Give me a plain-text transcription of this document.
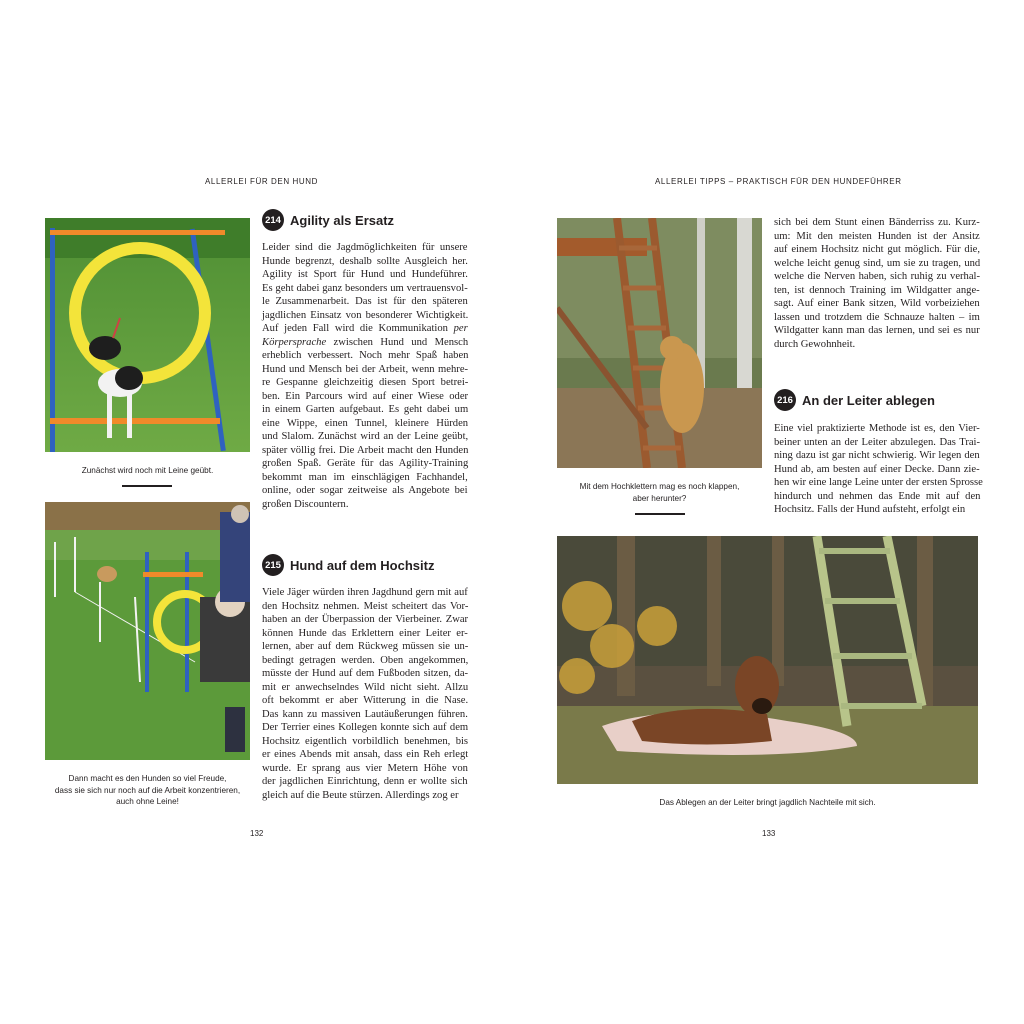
ALLERLEI FÜR DEN HUND
Zunächst wird noch mit Leine geübt.
Dann macht es den Hunden so viel Freude,
dass sie sich nur noch auf die Arbeit konzentrieren,
auch ohne Leine!
214 Agility als Ersatz
Leider sind die Jagdmöglichkeiten für unsere
Hunde begrenzt, deshalb sollte Ausgleich her.
Agility ist Sport für Hund und Hundeführer.
Es geht dabei ganz besonders um vertrauensvol-
le Zusammenarbeit. Das ist für den späteren
jagdlichen Einsatz von besonderer Wichtigkeit.
Auf jeden Fall wird die Kommunikation per
Körpersprache zwischen Hund und Mensch
erheblich verbessert. Noch mehr Spaß haben
Hund und Mensch bei der Arbeit, wenn mehre-
re Gespanne gleichzeitig diesen Sport betrei-
ben. Ein Parcours wird auf einer Wiese oder
in einem Garten aufgebaut. Es geht dabei um
eine Wippe, einen Tunnel, kleinere Hürden
und Slalom. Zunächst wird an der Leine geübt,
später völlig frei. Die Arbeit macht den Hunden
großen Spaß. Geräte für das Agility-Training
bekommt man im einschlägigen Fachhandel,
online, oder sogar zeitweise als Angebote bei
großen Discountern.
215 Hund auf dem Hochsitz
Viele Jäger würden ihren Jagdhund gern mit auf
den Hochsitz nehmen. Meist scheitert das Vor-
haben an der Überpassion der Vierbeiner. Zwar
können Hunde das Erklettern einer Leiter er-
lernen, aber auf dem Rückweg müssen sie un-
bedingt getragen werden. Oben angekommen,
müsste der Hund auf dem Fußboden sitzen, da-
mit er anwechselndes Wild nicht sieht. Allzu
oft bekommt er aber Witterung in die Nase.
Das kann zu massiven Lautäußerungen führen.
Der Terrier eines Kollegen konnte sich auf dem
Hochsitz eigentlich vorbildlich benehmen, bis
er eines Abends mit ansah, dass ein Reh erlegt
wurde. Er sprang aus vier Metern Höhe von
der jagdlichen Einrichtung, denn er wollte sich
gleich auf die Beute stürzen. Allerdings zog er
132
ALLERLEI TIPPS – PRAKTISCH FÜR DEN HUNDEFÜHRER
Mit dem Hochklettern mag es noch klappen,
aber herunter?
sich bei dem Stunt einen Bänderriss zu. Kurz-
um: Mit den meisten Hunden ist der Ansitz
auf einem Hochsitz nicht gut möglich. Für die,
welche leicht genug sind, um sie zu tragen, und
welche die Nerven haben, sich ruhig zu verhal-
ten, ist dennoch Training im Wildgatter ange-
sagt. Auf einer Bank sitzen, Wild vorbeiziehen
lassen und trotzdem die Schnauze halten – im
Wildgatter kann man das lernen, und sei es nur
durch Gewohnheit.
216 An der Leiter ablegen
Eine viel praktizierte Methode ist es, den Vier-
beiner unten an der Leiter abzulegen. Das Trai-
ning dazu ist gar nicht schwierig. Wir legen den
Hund ab, am besten auf einer Decke. Dann zie-
hen wir eine lange Leine unter der ersten Sprosse
hindurch und nehmen das Ende mit auf den
Hochsitz. Falls der Hund aufsteht, erfolgt ein
Das Ablegen an der Leiter bringt jagdlich Nachteile mit sich.
133
